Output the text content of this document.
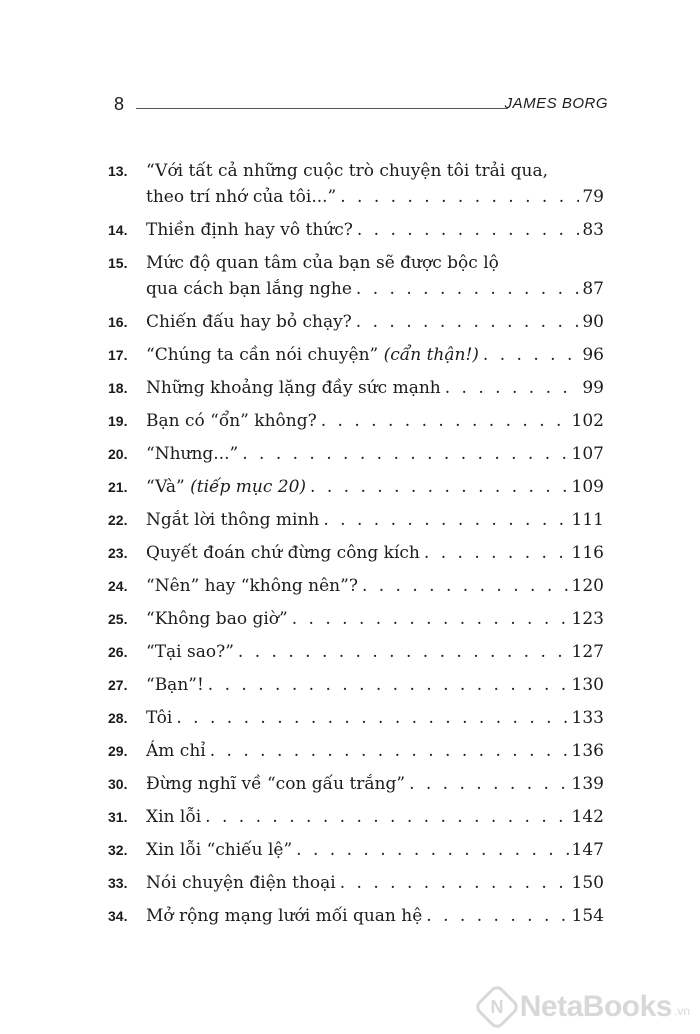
8	JAMES BORG
13.	“Với tất cả những cuộc trò chuyện tôi trải qua,
theo trí nhớ của tôi...” . . .	79
14.	Thiền định hay vô thức? . . .	83
15.	Mức độ quan tâm của bạn sẽ được bộc lộ
qua cách bạn lắng nghe . . .	87
16.	Chiến đấu hay bỏ chạy? . . .	90
17.	“Chúng ta cần nói chuyện”
(cẩn thận!) . . .	96
18.	Những khoảng lặng đầy sức mạnh . . .	99
19.	Bạn có “ổn” không? . . .	102
20.	“Nhưng...” . . .	107
21.	“Và”
(tiếp mục 20) . . .	109
22.	Ngắt lời thông minh . . .	111
23.	Quyết đoán chứ đừng công kích . . .	116
24.	“Nên” hay “không nên”? . . .	120
25.	“Không bao giờ” . . .	123
26.	“Tại sao?” . . .	127
27.	“Bạn”! . . .	130
28.	Tôi . . .	133
29.	Ám chỉ . . .	136
30.	Đừng nghĩ về “con gấu trắng” . . .	139
31.	Xin lỗi . . .	142
32.	Xin lỗi “chiếu lệ” . . .	147
33.	Nói chuyện điện thoại . . .	150
34.	Mở rộng mạng lưới mối quan hệ . . .	154
N NetaBooks .vn
